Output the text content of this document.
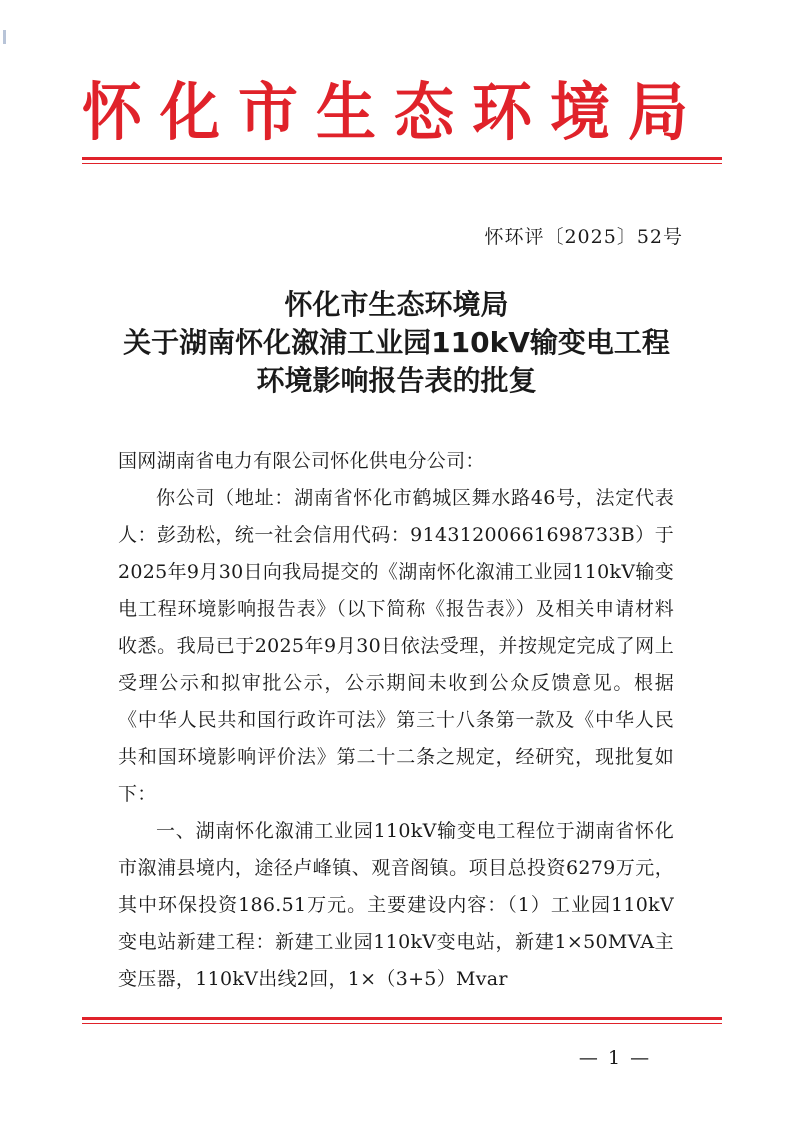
怀化市生态环境局
怀环评〔2025〕52号
怀化市生态环境局
关于湖南怀化溆浦工业园110kV输变电工程
环境影响报告表的批复

国网湖南省电力有限公司怀化供电分公司：

你公司（地址：湖南省怀化市鹤城区舞水路46号，法定代表人：彭劲松，统一社会信用代码：91431200661698733B）于2025年9月30日向我局提交的《湖南怀化溆浦工业园110kV输变电工程环境影响报告表》（以下简称《报告表》）及相关申请材料收悉。我局已于2025年9月30日依法受理，并按规定完成了网上受理公示和拟审批公示，公示期间未收到公众反馈意见。根据《中华人民共和国行政许可法》第三十八条第一款及《中华人民共和国环境影响评价法》第二十二条之规定，经研究，现批复如下：

一、湖南怀化溆浦工业园110kV输变电工程位于湖南省怀化市溆浦县境内，途径卢峰镇、观音阁镇。项目总投资6279万元，其中环保投资186.51万元。主要建设内容：（1）工业园110kV变电站新建工程：新建工业园110kV变电站，新建1×50MVA主变压器，110kV出线2回，1×（3+5）Mvar

— 1 —
